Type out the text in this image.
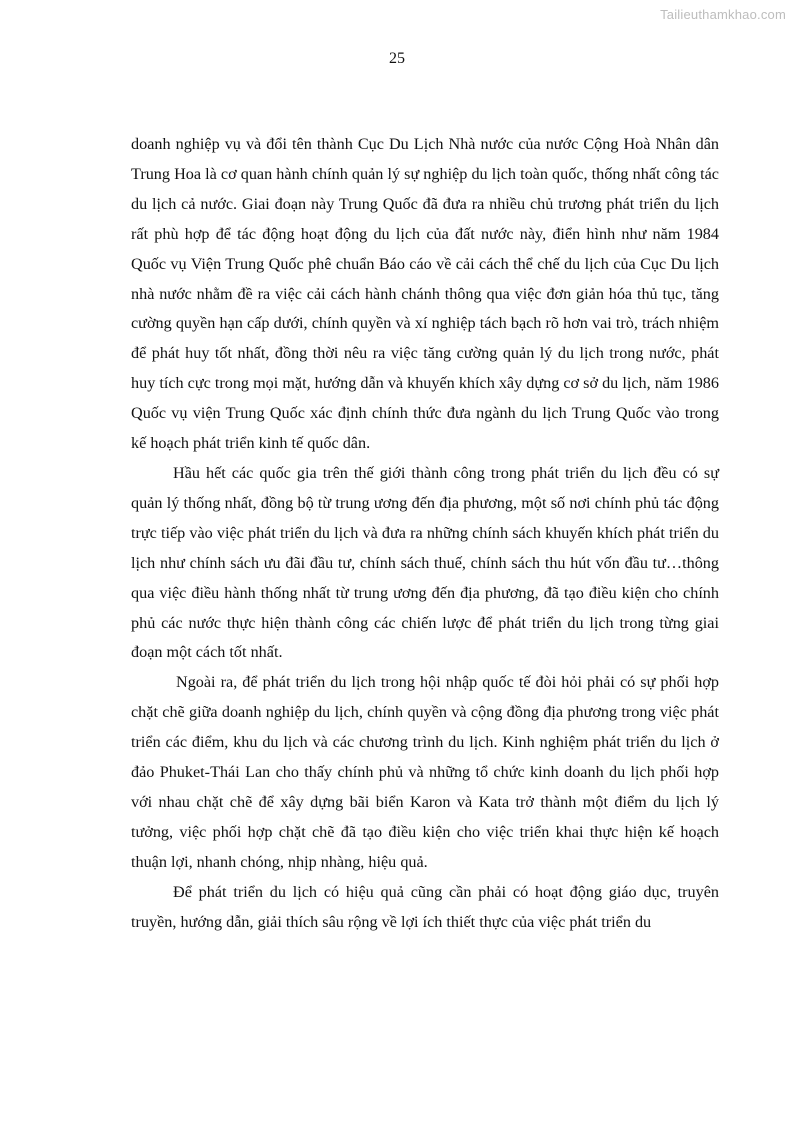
Tailieuthamkhao.com
25

doanh nghiệp vụ và đổi tên thành Cục Du Lịch Nhà nước của nước Cộng Hoà Nhân dân Trung Hoa là cơ quan hành chính quản lý sự nghiệp du lịch toàn quốc, thống nhất công tác du lịch cả nước. Giai đoạn này Trung Quốc đã đưa ra nhiều chủ trương phát triển du lịch rất phù hợp để tác động hoạt động du lịch của đất nước này, điển hình như năm 1984 Quốc vụ Viện Trung Quốc phê chuẩn Báo cáo về cải cách thể chế du lịch của Cục Du lịch nhà nước nhằm đề ra việc cải cách hành chánh thông qua việc đơn giản hóa thủ tục, tăng cường quyền hạn cấp dưới, chính quyền và xí nghiệp tách bạch rõ hơn vai trò, trách nhiệm để phát huy tốt nhất, đồng thời nêu ra việc tăng cường quản lý du lịch trong nước, phát huy tích cực trong mọi mặt, hướng dẫn và khuyến khích xây dựng cơ sở du lịch, năm 1986 Quốc vụ viện Trung Quốc xác định chính thức đưa ngành du lịch Trung Quốc vào trong kế hoạch phát triển kinh tế quốc dân.

Hầu hết các quốc gia trên thế giới thành công trong phát triển du lịch đều có sự quản lý thống nhất, đồng bộ từ trung ương đến địa phương, một số nơi chính phủ tác động trực tiếp vào việc phát triển du lịch và đưa ra những chính sách khuyến khích phát triển du lịch như chính sách ưu đãi đầu tư, chính sách thuế, chính sách thu hút vốn đầu tư…thông qua việc điều hành thống nhất từ trung ương đến địa phương, đã tạo điều kiện cho chính phủ các nước thực hiện thành công các chiến lược để phát triển du lịch trong từng giai đoạn một cách tốt nhất.

Ngoài ra, để phát triển du lịch trong hội nhập quốc tế đòi hỏi phải có sự phối hợp chặt chẽ giữa doanh nghiệp du lịch, chính quyền và cộng đồng địa phương trong việc phát triển các điểm, khu du lịch và các chương trình du lịch. Kinh nghiệm phát triển du lịch ở đảo Phuket-Thái Lan cho thấy chính phủ và những tổ chức kinh doanh du lịch phối hợp với nhau chặt chẽ để xây dựng bãi biển Karon và Kata trở thành một điểm du lịch lý tưởng, việc phối hợp chặt chẽ đã tạo điều kiện cho việc triển khai thực hiện kế hoạch thuận lợi, nhanh chóng, nhịp nhàng, hiệu quả.

Để phát triển du lịch có hiệu quả cũng cần phải có hoạt động giáo dục, truyên truyền, hướng dẫn, giải thích sâu rộng về lợi ích thiết thực của việc phát triển du
